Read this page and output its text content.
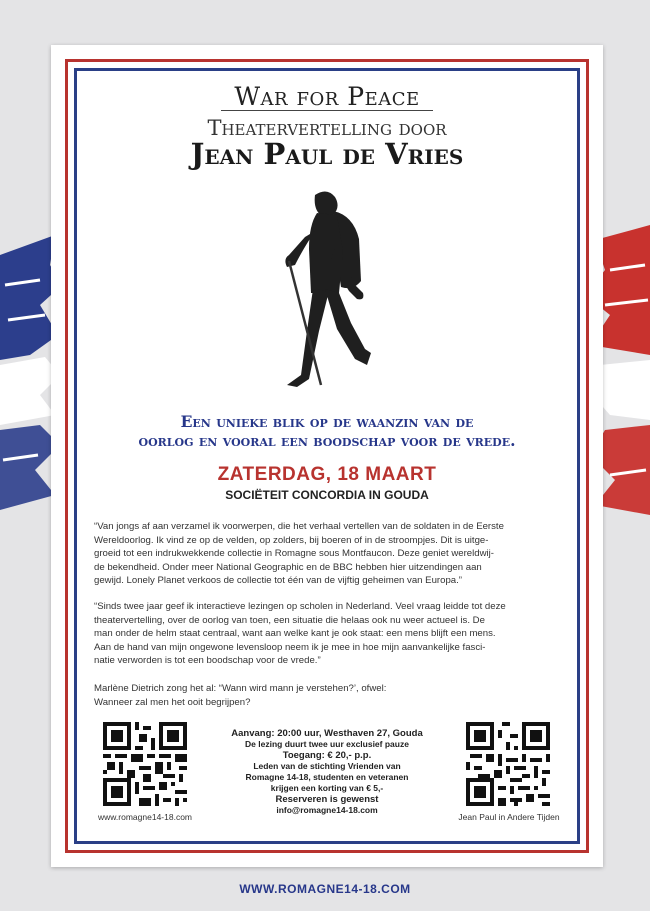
War for Peace
Theatervertelling door
Jean Paul de Vries
Een unieke blik op de waanzin van de
oorlog en vooral een boodschap voor de vrede.
ZATERDAG, 18 MAART
SOCIËTEIT CONCORDIA IN GOUDA
“Van jongs af aan verzamel ik voorwerpen, die het verhaal vertellen van de soldaten in de Eerste
Wereldoorlog. Ik vind ze op de velden, op zolders, bij boeren of in de stroompjes. Dit is uitge-
groeid tot een indrukwekkende collectie in Romagne sous Montfaucon. Deze geniet wereldwij-
de bekendheid. Onder meer National Geographic en de BBC hebben hier uitzendingen aan
gewijd. Lonely Planet verkoos de collectie tot één van de vijftig geheimen van Europa.”
“Sinds twee jaar geef ik interactieve lezingen op scholen in Nederland. Veel vraag leidde tot deze
theatervertelling, over de oorlog van toen, een situatie die helaas ook nu weer actueel is. De
man onder de helm staat centraal, want aan welke kant je ook staat: een mens blijft een mens.
Aan de hand van mijn ongewone levensloop neem ik je mee in hoe mijn aanvankelijke fasci-
natie verworden is tot een boodschap voor de vrede.”
Marlène Dietrich zong het al: “Wann wird mann je verstehen?’, ofwel:
Wanneer zal men het ooit begrijpen?
www.romagne14-18.com
Aanvang: 20:00 uur, Westhaven 27, Gouda
De lezing duurt twee uur exclusief pauze
Toegang: € 20,- p.p.
Leden van de stichting Vrienden van
Romagne 14-18, studenten en veteranen
krijgen een korting van € 5,-
Reserveren is gewenst
info@romagne14-18.com
Jean Paul in Andere Tijden
WWW.ROMAGNE14-18.COM
